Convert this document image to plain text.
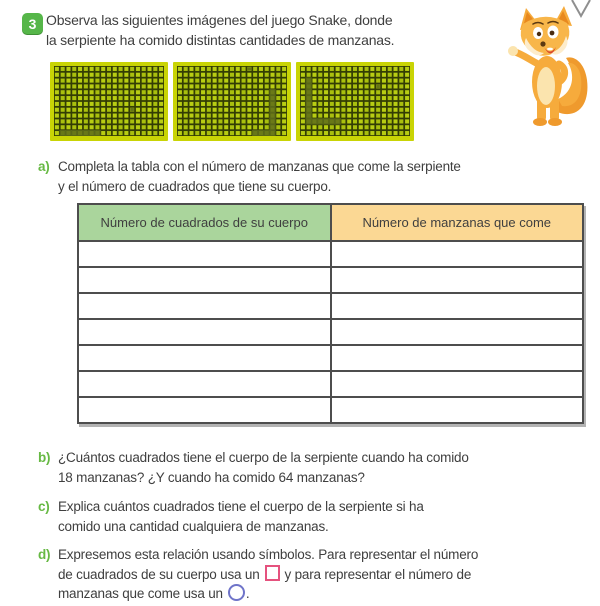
3 Observa las siguientes imágenes del juego Snake, donde
la serpiente ha comido distintas cantidades de manzanas.
a) Completa la tabla con el número de manzanas que come la serpiente
y el número de cuadrados que tiene su cuerpo.
Número de cuadrados de su cuerpo	Número de manzanas que come

b) ¿Cuántos cuadrados tiene el cuerpo de la serpiente cuando ha comido
18 manzanas? ¿Y cuando ha comido 64 manzanas?
c) Explica cuántos cuadrados tiene el cuerpo de la serpiente si ha
comido una cantidad cualquiera de manzanas.
d) Expresemos esta relación usando símbolos. Para representar el número
de cuadrados de su cuerpo usa un y para representar el número de
manzanas que come usa un .
